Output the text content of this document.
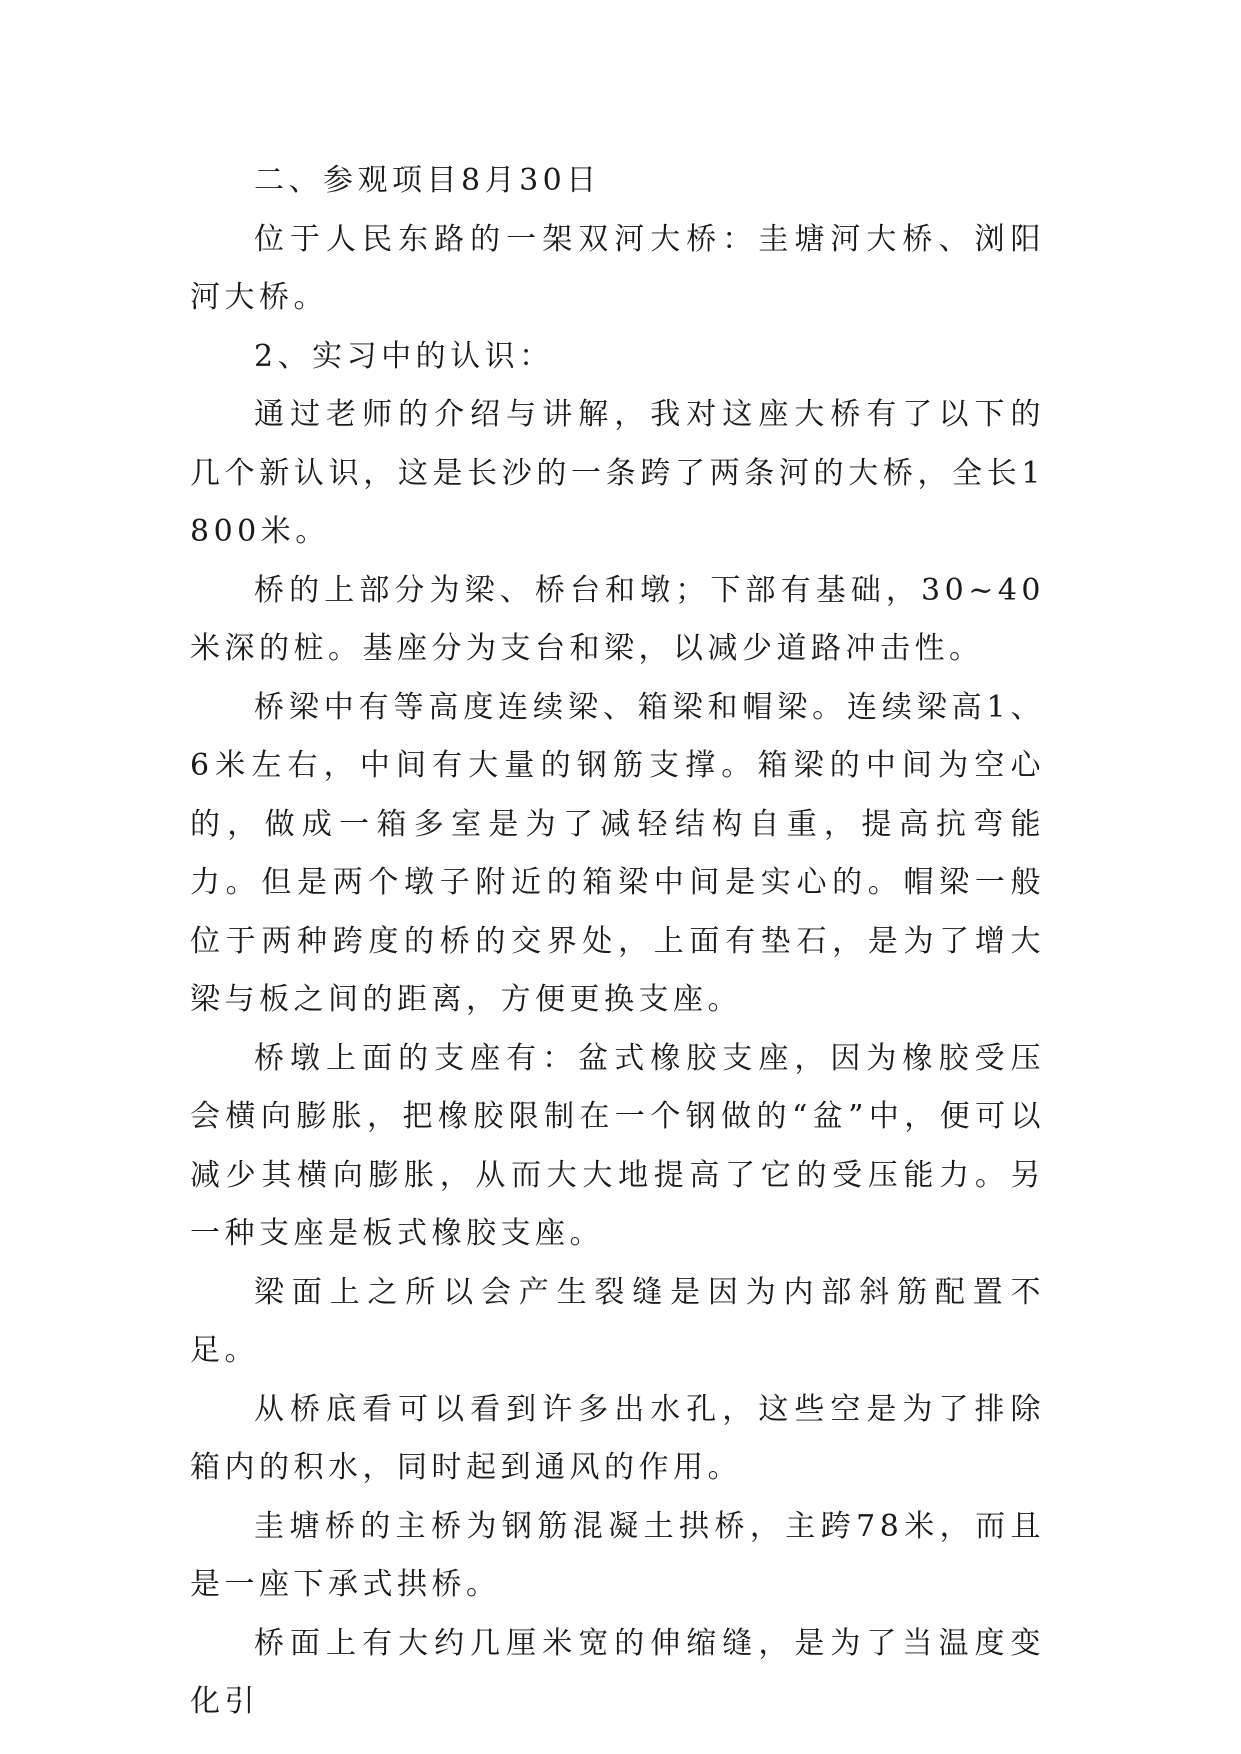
二、参观项目8月30日

位于人民东路的一架双河大桥：圭塘河大桥、浏阳河大桥。

2、实习中的认识：

通过老师的介绍与讲解，我对这座大桥有了以下的几个新认识，这是长沙的一条跨了两条河的大桥，全长1800米。

桥的上部分为梁、桥台和墩；下部有基础，30~40米深的桩。基座分为支台和梁，以减少道路冲击性。

桥梁中有等高度连续梁、箱梁和帽梁。连续梁高1、6米左右，中间有大量的钢筋支撑。箱梁的中间为空心的，做成一箱多室是为了减轻结构自重，提高抗弯能力。但是两个墩子附近的箱梁中间是实心的。帽梁一般位于两种跨度的桥的交界处，上面有垫石，是为了增大梁与板之间的距离，方便更换支座。

桥墩上面的支座有：盆式橡胶支座，因为橡胶受压会横向膨胀，把橡胶限制在一个钢做的“盆”中，便可以减少其横向膨胀，从而大大地提高了它的受压能力。另一种支座是板式橡胶支座。

梁面上之所以会产生裂缝是因为内部斜筋配置不足。

从桥底看可以看到许多出水孔，这些空是为了排除箱内的积水，同时起到通风的作用。

圭塘桥的主桥为钢筋混凝土拱桥，主跨78米，而且是一座下承式拱桥。

桥面上有大约几厘米宽的伸缩缝，是为了当温度变化引
